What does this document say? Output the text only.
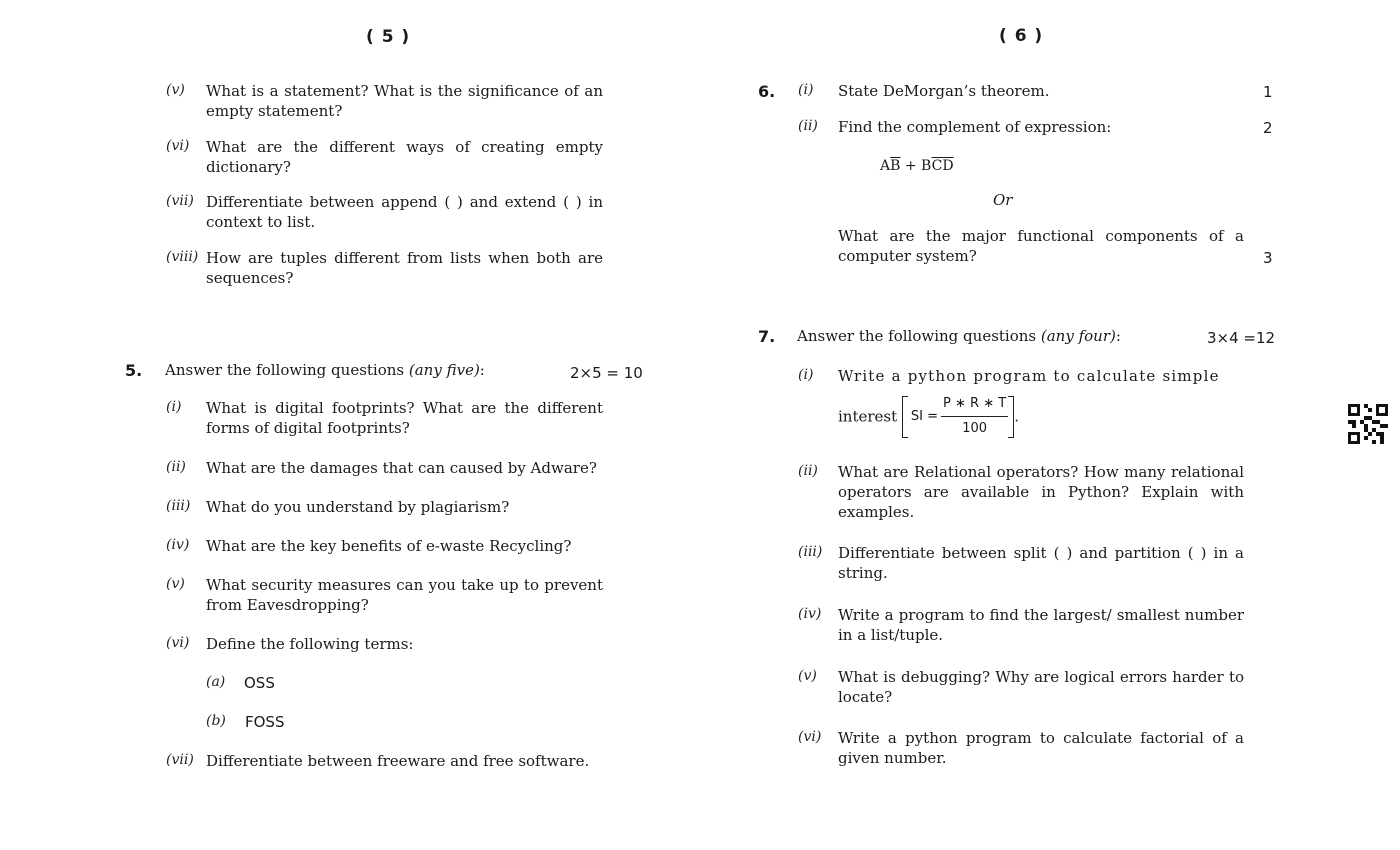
( 5 )
(v) What is a statement? What is the significance of an empty statement?
(vi) What are the different ways of creating empty dictionary?
(vii) Differentiate between append ( ) and extend ( ) in context to list.
(viii) How are tuples different from lists when both are sequences?
5. Answer the following questions (any five):	2×5 = 10
(i) What is digital footprints? What are the different forms of digital footprints?
(ii) What are the damages that can caused by Adware?
(iii) What do you understand by plagiarism?
(iv) What are the key benefits of e-waste Recycling?
(v) What security measures can you take up to prevent from Eavesdropping?
(vi) Define the following terms:
(a) OSS
(b) FOSS
(vii) Differentiate between freeware and free software.
( 6 )
6. (i) State DeMorgan’s theorem.	1
(ii) Find the complement of expression:	2
$A\overline{B} + B\overline{C}\overline{D}$
Or
What are the major functional components of a computer system?	3
7. Answer the following questions (any four):	3×4 =12
(i) Write a python program to calculate simple
interest SI = $\frac{P ∗ R ∗ T}{100}$ .
(ii) What are Relational operators? How many relational operators are available in Python? Explain with examples.
(iii) Differentiate between split ( ) and partition ( ) in a string.
(iv) Write a program to find the largest/ smallest number in a list/tuple.
(v) What is debugging? Why are logical errors harder to locate?
(vi) Write a python program to calculate factorial of a given number.
